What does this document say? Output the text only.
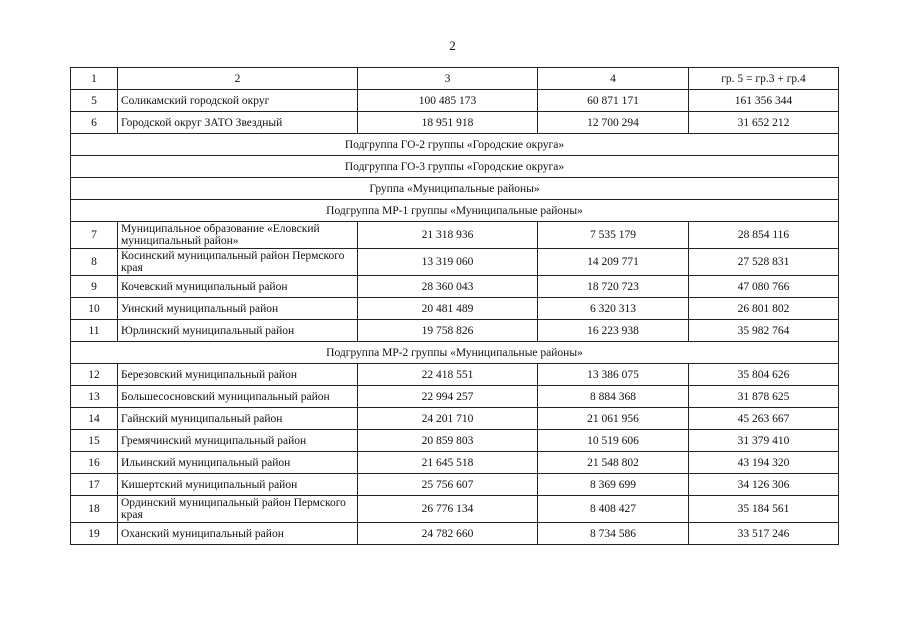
2
1	2	3	4	гр. 5 = гр.3 + гр.4
5	Соликамский городской округ	100 485 173	60 871 171	161 356 344
6	Городской округ ЗАТО Звездный	18 951 918	12 700 294	31 652 212
Подгруппа ГО-2 группы «Городские округа»				
Подгруппа ГО-3 группы «Городские округа»				
Группа «Муниципальные районы»				
Подгруппа МР-1 группы «Муниципальные районы»				
7	Муниципальное образование «Еловский муниципальный район»	21 318 936	7 535 179	28 854 116
8	Косинский муниципальный район Пермского края	13 319 060	14 209 771	27 528 831
9	Кочевский муниципальный район	28 360 043	18 720 723	47 080 766
10	Уинский муниципальный район	20 481 489	6 320 313	26 801 802
11	Юрлинский муниципальный район	19 758 826	16 223 938	35 982 764
Подгруппа МР-2 группы «Муниципальные районы»				
12	Березовский муниципальный район	22 418 551	13 386 075	35 804 626
13	Большесосновский муниципальный район	22 994 257	8 884 368	31 878 625
14	Гайнский муниципальный район	24 201 710	21 061 956	45 263 667
15	Гремячинский муниципальный район	20 859 803	10 519 606	31 379 410
16	Ильинский муниципальный район	21 645 518	21 548 802	43 194 320
17	Кишертский муниципальный район	25 756 607	8 369 699	34 126 306
18	Ординский муниципальный район Пермского края	26 776 134	8 408 427	35 184 561
19	Оханский муниципальный район	24 782 660	8 734 586	33 517 246
